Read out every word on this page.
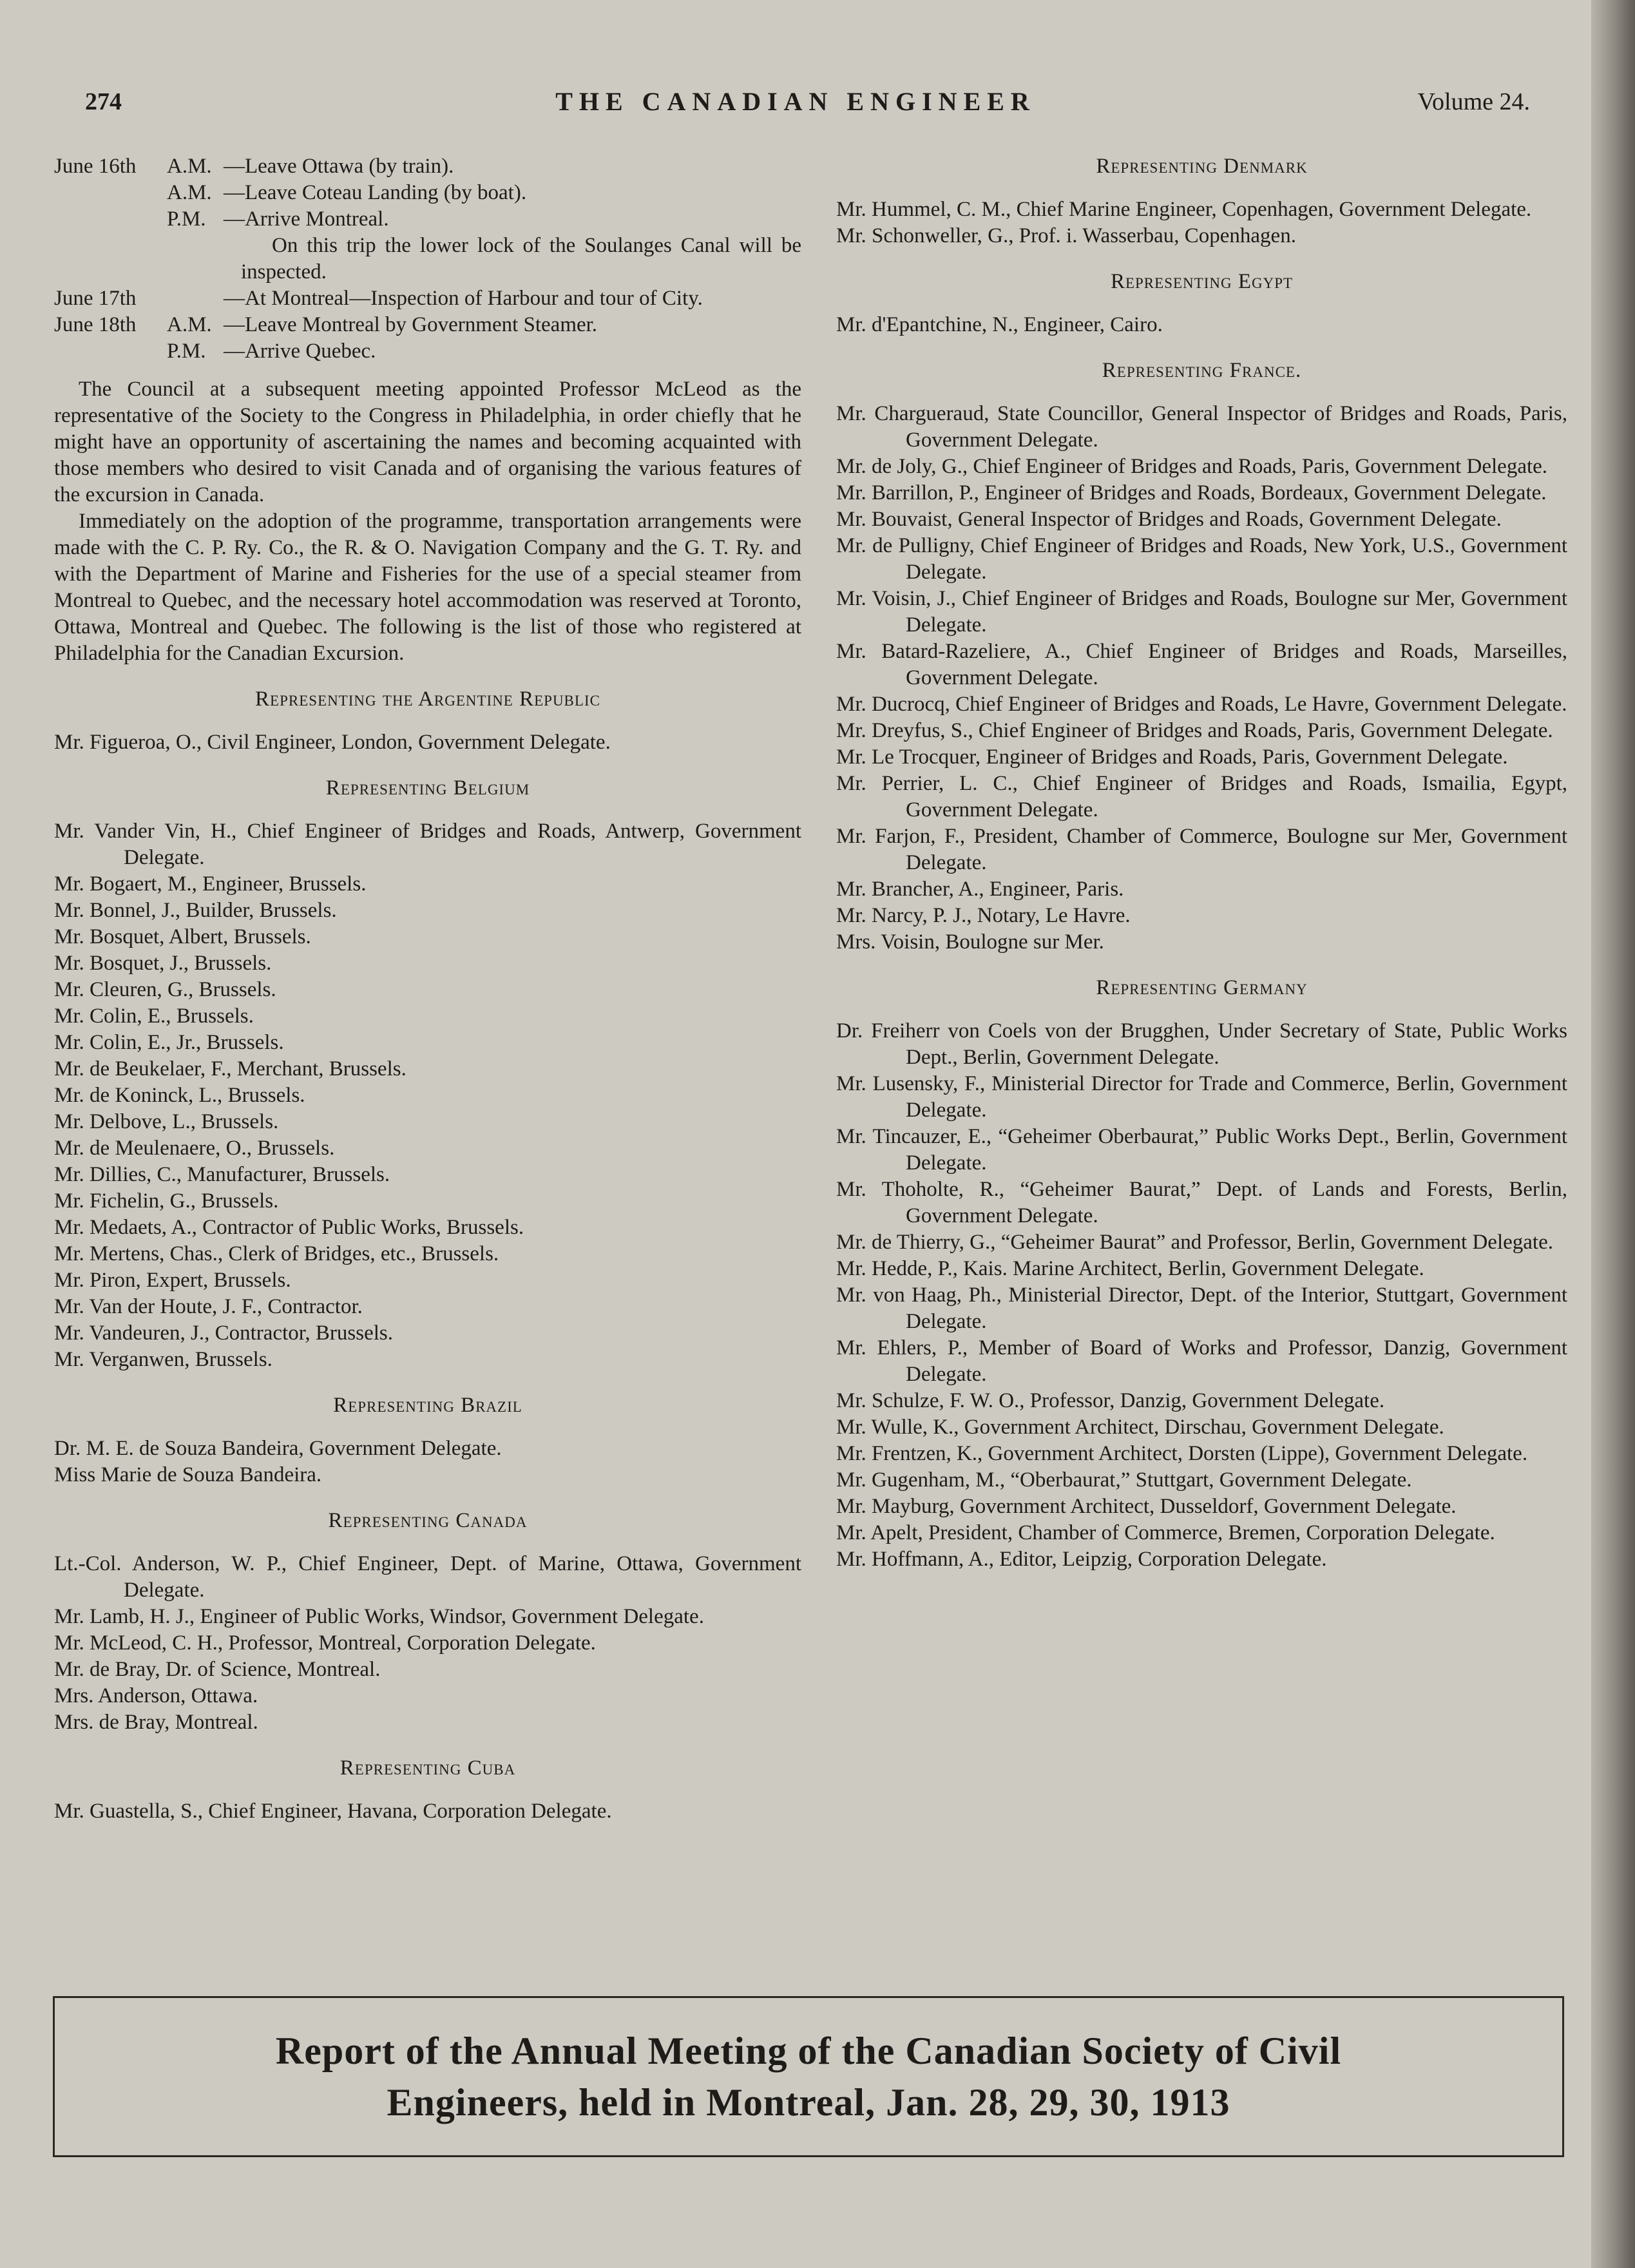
274	THE CANADIAN ENGINEER	Volume 24.
June 16th	A.M. —Leave Ottawa (by train).
A.M. —Leave Coteau Landing (by boat).
P.M. —Arrive Montreal.
On this trip the lower lock of the Soulanges Canal will be inspected.
June 17th	—At Montreal—Inspection of Harbour and tour of City.
June 18th	A.M. —Leave Montreal by Government Steamer.
P.M. —Arrive Quebec.

The Council at a subsequent meeting appointed Professor McLeod as the representative of the Society to the Congress in Philadelphia, in order chiefly that he might have an opportunity of ascertaining the names and becoming acquainted with those members who desired to visit Canada and of organising the various features of the excursion in Canada.

Immediately on the adoption of the programme, transportation arrangements were made with the C. P. Ry. Co., the R. & O. Navigation Company and the G. T. Ry. and with the Department of Marine and Fisheries for the use of a special steamer from Montreal to Quebec, and the necessary hotel accommodation was reserved at Toronto, Ottawa, Montreal and Quebec. The following is the list of those who registered at Philadelphia for the Canadian Excursion.

Representing the Argentine Republic
Mr. Figueroa, O., Civil Engineer, London, Government Delegate.
Representing Belgium
Mr. Vander Vin, H., Chief Engineer of Bridges and Roads, Antwerp, Government Delegate.
Mr. Bogaert, M., Engineer, Brussels.
Mr. Bonnel, J., Builder, Brussels.
Mr. Bosquet, Albert, Brussels.
Mr. Bosquet, J., Brussels.
Mr. Cleuren, G., Brussels.
Mr. Colin, E., Brussels.
Mr. Colin, E., Jr., Brussels.
Mr. de Beukelaer, F., Merchant, Brussels.
Mr. de Koninck, L., Brussels.
Mr. Delbove, L., Brussels.
Mr. de Meulenaere, O., Brussels.
Mr. Dillies, C., Manufacturer, Brussels.
Mr. Fichelin, G., Brussels.
Mr. Medaets, A., Contractor of Public Works, Brussels.
Mr. Mertens, Chas., Clerk of Bridges, etc., Brussels.
Mr. Piron, Expert, Brussels.
Mr. Van der Houte, J. F., Contractor.
Mr. Vandeuren, J., Contractor, Brussels.
Mr. Verganwen, Brussels.
Representing Brazil
Dr. M. E. de Souza Bandeira, Government Delegate.
Miss Marie de Souza Bandeira.
Representing Canada
Lt.-Col. Anderson, W. P., Chief Engineer, Dept. of Marine, Ottawa, Government Delegate.
Mr. Lamb, H. J., Engineer of Public Works, Windsor, Government Delegate.
Mr. McLeod, C. H., Professor, Montreal, Corporation Delegate.
Mr. de Bray, Dr. of Science, Montreal.
Mrs. Anderson, Ottawa.
Mrs. de Bray, Montreal.
Representing Cuba
Mr. Guastella, S., Chief Engineer, Havana, Corporation Delegate.
Representing Denmark
Mr. Hummel, C. M., Chief Marine Engineer, Copenhagen, Government Delegate.
Mr. Schonweller, G., Prof. i. Wasserbau, Copenhagen.
Representing Egypt
Mr. d'Epantchine, N., Engineer, Cairo.
Representing France.
Mr. Chargueraud, State Councillor, General Inspector of Bridges and Roads, Paris, Government Delegate.
Mr. de Joly, G., Chief Engineer of Bridges and Roads, Paris, Government Delegate.
Mr. Barrillon, P., Engineer of Bridges and Roads, Bordeaux, Government Delegate.
Mr. Bouvaist, General Inspector of Bridges and Roads, Government Delegate.
Mr. de Pulligny, Chief Engineer of Bridges and Roads, New York, U.S., Government Delegate.
Mr. Voisin, J., Chief Engineer of Bridges and Roads, Boulogne sur Mer, Government Delegate.
Mr. Batard-Razeliere, A., Chief Engineer of Bridges and Roads, Marseilles, Government Delegate.
Mr. Ducrocq, Chief Engineer of Bridges and Roads, Le Havre, Government Delegate.
Mr. Dreyfus, S., Chief Engineer of Bridges and Roads, Paris, Government Delegate.
Mr. Le Trocquer, Engineer of Bridges and Roads, Paris, Government Delegate.
Mr. Perrier, L. C., Chief Engineer of Bridges and Roads, Ismailia, Egypt, Government Delegate.
Mr. Farjon, F., President, Chamber of Commerce, Boulogne sur Mer, Government Delegate.
Mr. Brancher, A., Engineer, Paris.
Mr. Narcy, P. J., Notary, Le Havre.
Mrs. Voisin, Boulogne sur Mer.
Representing Germany
Dr. Freiherr von Coels von der Brugghen, Under Secretary of State, Public Works Dept., Berlin, Government Delegate.
Mr. Lusensky, F., Ministerial Director for Trade and Commerce, Berlin, Government Delegate.
Mr. Tincauzer, E., “Geheimer Oberbaurat,” Public Works Dept., Berlin, Government Delegate.
Mr. Thoholte, R., “Geheimer Baurat,” Dept. of Lands and Forests, Berlin, Government Delegate.
Mr. de Thierry, G., “Geheimer Baurat” and Professor, Berlin, Government Delegate.
Mr. Hedde, P., Kais. Marine Architect, Berlin, Government Delegate.
Mr. von Haag, Ph., Ministerial Director, Dept. of the Interior, Stuttgart, Government Delegate.
Mr. Ehlers, P., Member of Board of Works and Professor, Danzig, Government Delegate.
Mr. Schulze, F. W. O., Professor, Danzig, Government Delegate.
Mr. Wulle, K., Government Architect, Dirschau, Government Delegate.
Mr. Frentzen, K., Government Architect, Dorsten (Lippe), Government Delegate.
Mr. Gugenham, M., “Oberbaurat,” Stuttgart, Government Delegate.
Mr. Mayburg, Government Architect, Dusseldorf, Government Delegate.
Mr. Apelt, President, Chamber of Commerce, Bremen, Corporation Delegate.
Mr. Hoffmann, A., Editor, Leipzig, Corporation Delegate.
Report of the Annual Meeting of the Canadian Society of Civil
Engineers, held in Montreal, Jan. 28, 29, 30, 1913
